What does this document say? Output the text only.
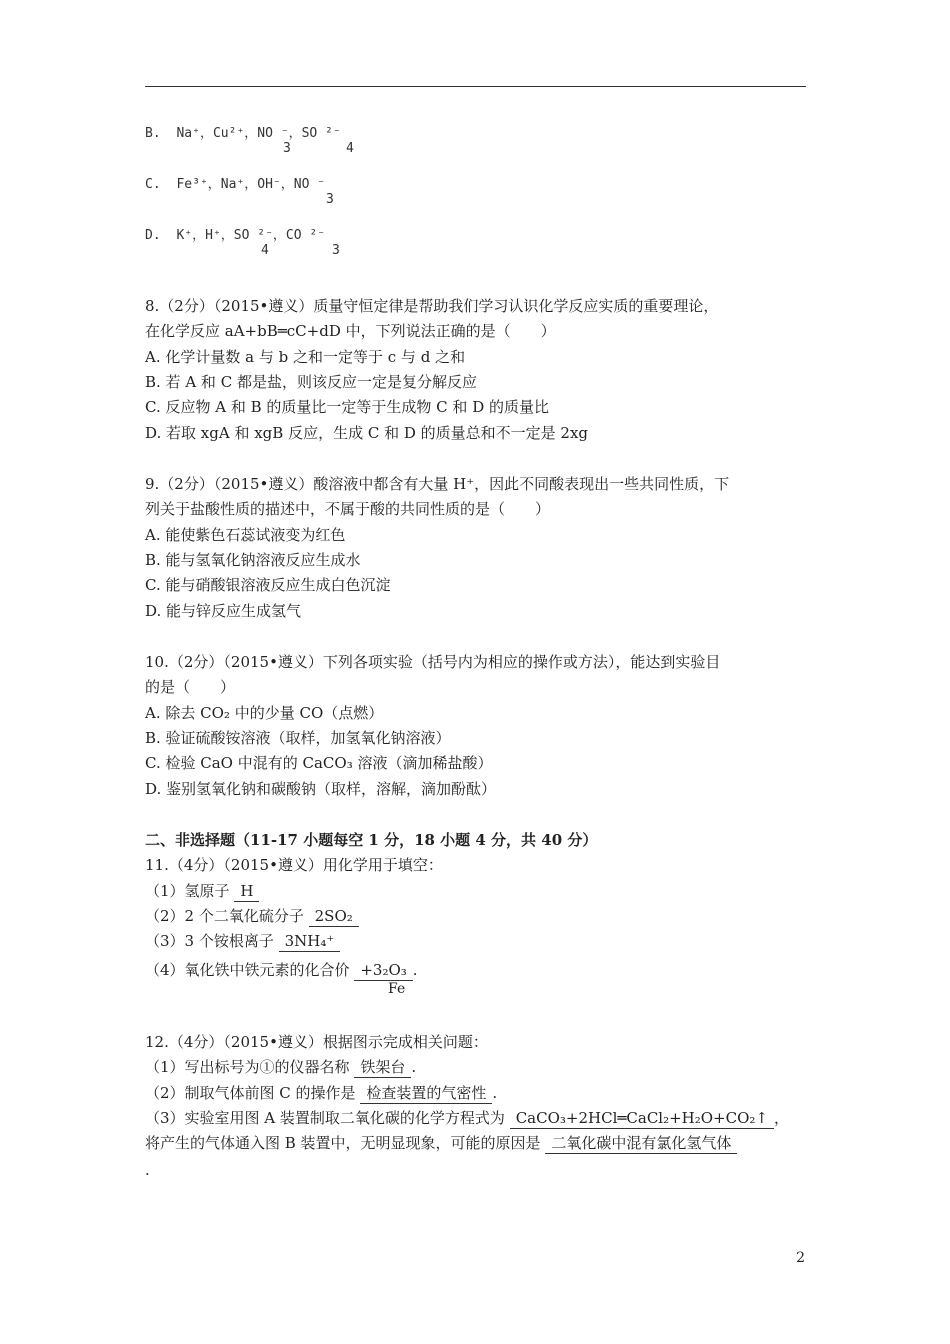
B. Na⁺，Cu²⁺，NO ⁻，SO ²⁻
3	4
C. Fe³⁺，Na⁺，OH⁻，NO ⁻
3
D. K⁺，H⁺，SO ²⁻，CO ²⁻
4	3
8.（2分）（2015•遵义）质量守恒定律是帮助我们学习认识化学反应实质的重要理论，
在化学反应 aA+bB═cC+dD 中，下列说法正确的是（　　）
A. 化学计量数 a 与 b 之和一定等于 c 与 d 之和
B. 若 A 和 C 都是盐，则该反应一定是复分解反应
C. 反应物 A 和 B 的质量比一定等于生成物 C 和 D 的质量比
D. 若取 xgA 和 xgB 反应，生成 C 和 D 的质量总和不一定是 2xg
9.（2分）（2015•遵义）酸溶液中都含有大量 H⁺，因此不同酸表现出一些共同性质，下
列关于盐酸性质的描述中，不属于酸的共同性质的是（　　）
A. 能使紫色石蕊试液变为红色
B. 能与氢氧化钠溶液反应生成水
C. 能与硝酸银溶液反应生成白色沉淀
D. 能与锌反应生成氢气
10.（2分）（2015•遵义）下列各项实验（括号内为相应的操作或方法），能达到实验目
的是（　　）
A. 除去 CO₂ 中的少量 CO（点燃）
B. 验证硫酸铵溶液（取样，加氢氧化钠溶液）
C. 检验 CaO 中混有的 CaCO₃ 溶液（滴加稀盐酸）
D. 鉴别氢氧化钠和碳酸钠（取样，溶解，滴加酚酞）
二、非选择题（11-17 小题每空 1 分，18 小题 4 分，共 40 分）
11.（4分）（2015•遵义）用化学用于填空：
（1）氢原子 H
（2）2 个二氧化硫分子 2SO₂
（3）3 个铵根离子 3NH₄⁺
（4）氧化铁中铁元素的化合价 +3₂O₃ .
Fe
12.（4分）（2015•遵义）根据图示完成相关问题：
（1）写出标号为①的仪器名称 铁架台 .
（2）制取气体前图 C 的操作是 检查装置的气密性 .
（3）实验室用图 A 装置制取二氧化碳的化学方程式为 CaCO₃+2HCl═CaCl₂+H₂O+CO₂↑ ，
将产生的气体通入图 B 装置中，无明显现象，可能的原因是 二氧化碳中混有氯化氢气体
.
2
